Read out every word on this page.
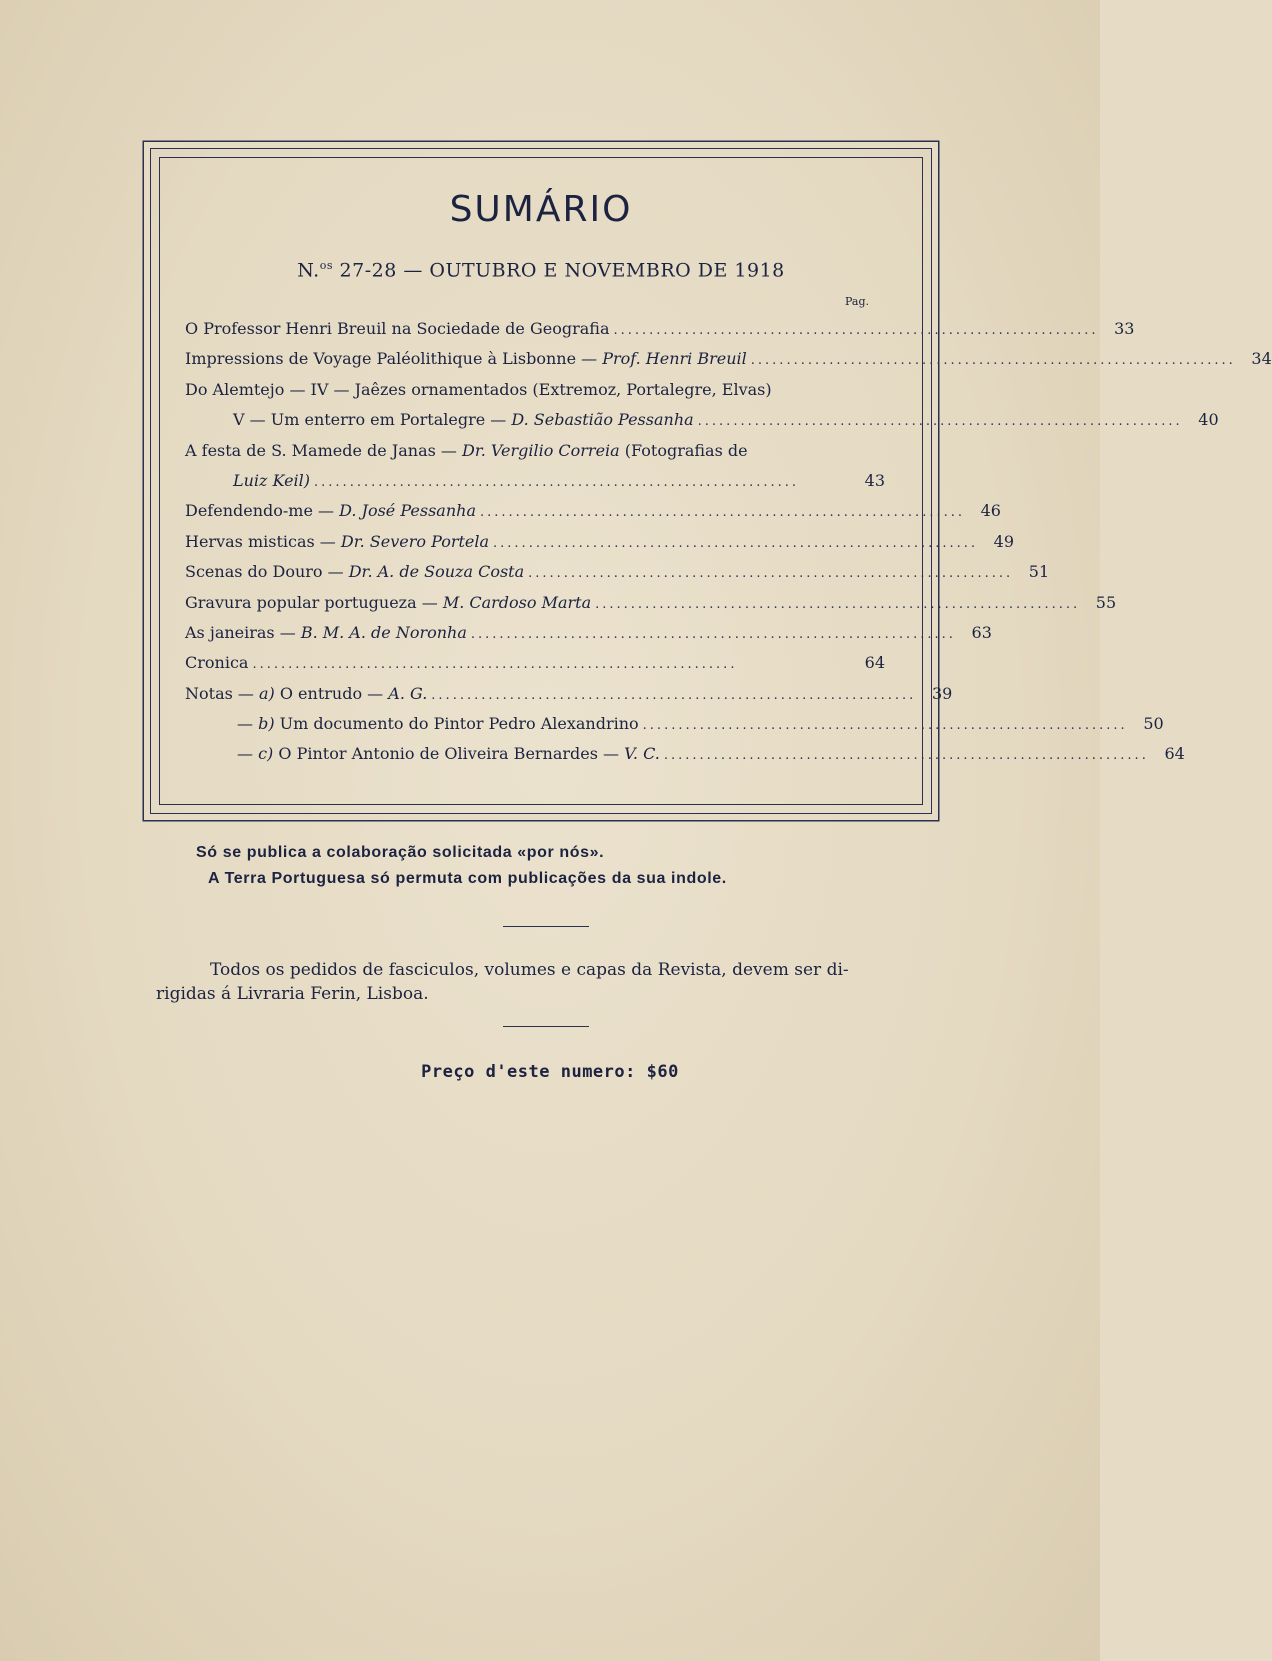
SUMÁRIO
N.$^{os}$ 27-28 — OUTUBRO E NOVEMBRO DE 1918
Pag.
O Professor Henri Breuil na Sociedade de Geografia .................................................................... 33
Impressions de Voyage Paléolithique à Lisbonne — Prof. Henri Breuil .................................................................... 34
Do Alemtejo — IV — Jaêzes ornamentados (Extremoz, Portalegre, Elvas)
V — Um enterro em Portalegre — D. Sebastião Pessanha .................................................................... 40
A festa de S. Mamede de Janas — Dr. Vergilio Correia (Fotografias de
Luiz Keil) ....................................................................	43
Defendendo-me — D. José Pessanha .................................................................... 46
Hervas misticas — Dr. Severo Portela .................................................................... 49
Scenas do Douro — Dr. A. de Souza Costa .................................................................... 51
Gravura popular portugueza — M. Cardoso Marta .................................................................... 55
As janeiras — B. M. A. de Noronha .................................................................... 63
Cronica ....................................................................	64
Notas — a) O entrudo — A. G. .................................................................... 39
— b) Um documento do Pintor Pedro Alexandrino .................................................................... 50
— c) O Pintor Antonio de Oliveira Bernardes — V. C. .................................................................... 64
Só se publica a colaboração solicitada «por nós».
A Terra Portuguesa só permuta com publicações da sua indole.
Todos os pedidos de fasciculos, volumes e capas da Revista, devem ser di-
rigidas á Livraria Ferin, Lisboa.
Preço d'este numero: $60
